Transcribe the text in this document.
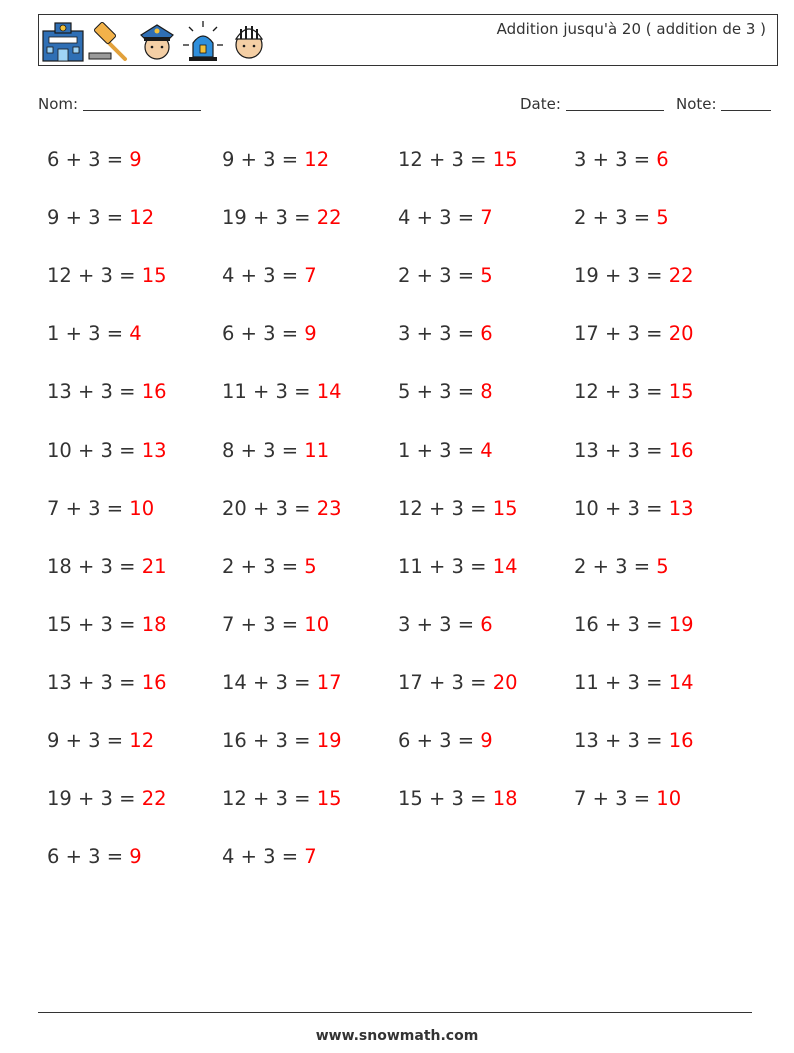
Addition jusqu'à 20 ( addition de 3 )
Nom:	Date:	Note:
6 + 3 = 9	9 + 3 = 12	12 + 3 = 15	3 + 3 = 6
9 + 3 = 12	19 + 3 = 22	4 + 3 = 7	2 + 3 = 5
12 + 3 = 15	4 + 3 = 7	2 + 3 = 5	19 + 3 = 22
1 + 3 = 4	6 + 3 = 9	3 + 3 = 6	17 + 3 = 20
13 + 3 = 16	11 + 3 = 14	5 + 3 = 8	12 + 3 = 15
10 + 3 = 13	8 + 3 = 11	1 + 3 = 4	13 + 3 = 16
7 + 3 = 10	20 + 3 = 23	12 + 3 = 15	10 + 3 = 13
18 + 3 = 21	2 + 3 = 5	11 + 3 = 14	2 + 3 = 5
15 + 3 = 18	7 + 3 = 10	3 + 3 = 6	16 + 3 = 19
13 + 3 = 16	14 + 3 = 17	17 + 3 = 20	11 + 3 = 14
9 + 3 = 12	16 + 3 = 19	6 + 3 = 9	13 + 3 = 16
19 + 3 = 22	12 + 3 = 15	15 + 3 = 18	7 + 3 = 10
6 + 3 = 9	4 + 3 = 7
www.snowmath.com
